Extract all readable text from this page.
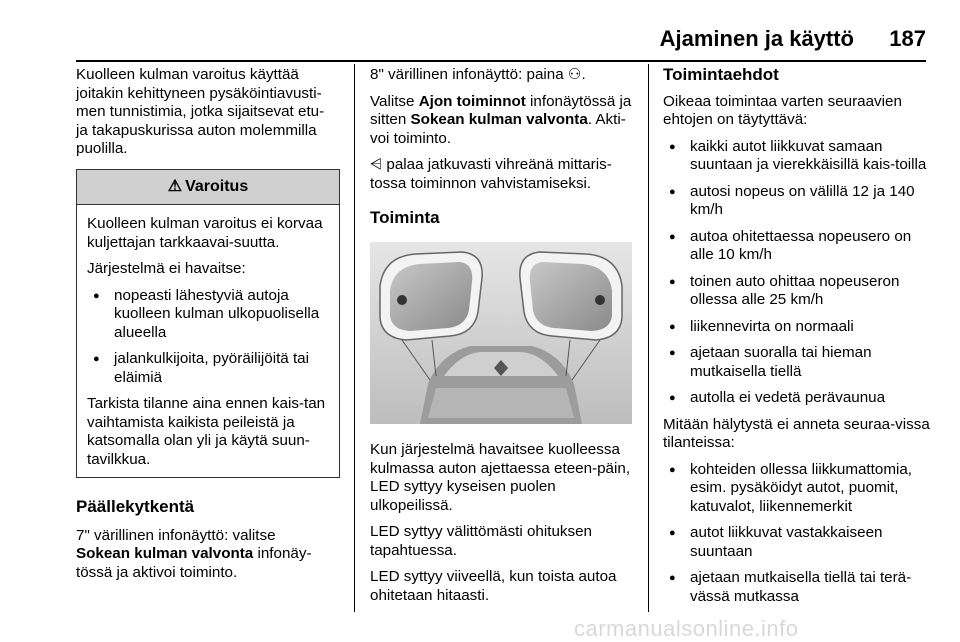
Ajaminen ja käyttö 187

Kuolleen kulman varoitus käyttää joitakin kehittyneen pysäköintiavusti-men tunnistimia, jotka sijaitsevat etu- ja takapuskurissa auton molemmilla puolilla.

⚠ Varoitus

Kuolleen kulman varoitus ei korvaa kuljettajan tarkkaavai-suutta.

Järjestelmä ei havaitse:

● nopeasti lähestyviä autoja kuolleen kulman ulkopuolisella alueella
● jalankulkijoita, pyöräilijöitä tai eläimiä

Tarkista tilanne aina ennen kais-tan vaihtamista kaikista peileistä ja katsomalla olan yli ja käytä suun-tavilkkua.

Päällekytkentä

7" värillinen infonäyttö: valitse
Sokean kulman valvonta infonäy-tössä ja aktivoi toiminto.

8" värillinen infonäyttö: paina ⚇.

Valitse Ajon toiminnot infonäytössä ja sitten Sokean kulman valvonta. Akti-voi toiminto.

⩤ palaa jatkuvasti vihreänä mittaris-tossa toiminnon vahvistamiseksi.

Toiminta

Kun järjestelmä havaitsee kuolleessa kulmassa auton ajettaessa eteen-päin, LED syttyy kyseisen puolen ulkopeilissä.

LED syttyy välittömästi ohituksen tapahtuessa.

LED syttyy viiveellä, kun toista autoa ohitetaan hitaasti.

Toimintaehdot

Oikeaa toimintaa varten seuraavien ehtojen on täytyttävä:

● kaikki autot liikkuvat samaan suuntaan ja vierekkäisillä kais-toilla
● autosi nopeus on välillä 12 ja 140 km/h
● autoa ohitettaessa nopeusero on alle 10 km/h
● toinen auto ohittaa nopeuseron ollessa alle 25 km/h
● liikennevirta on normaali
● ajetaan suoralla tai hieman mutkaisella tiellä
● autolla ei vedetä perävaunua

Mitään hälytystä ei anneta seuraa-vissa tilanteissa:

● kohteiden ollessa liikkumattomia, esim. pysäköidyt autot, puomit, katuvalot, liikennemerkit
● autot liikkuvat vastakkaiseen suuntaan
● ajetaan mutkaisella tiellä tai terä-vässä mutkassa
carmanualsonline.info
